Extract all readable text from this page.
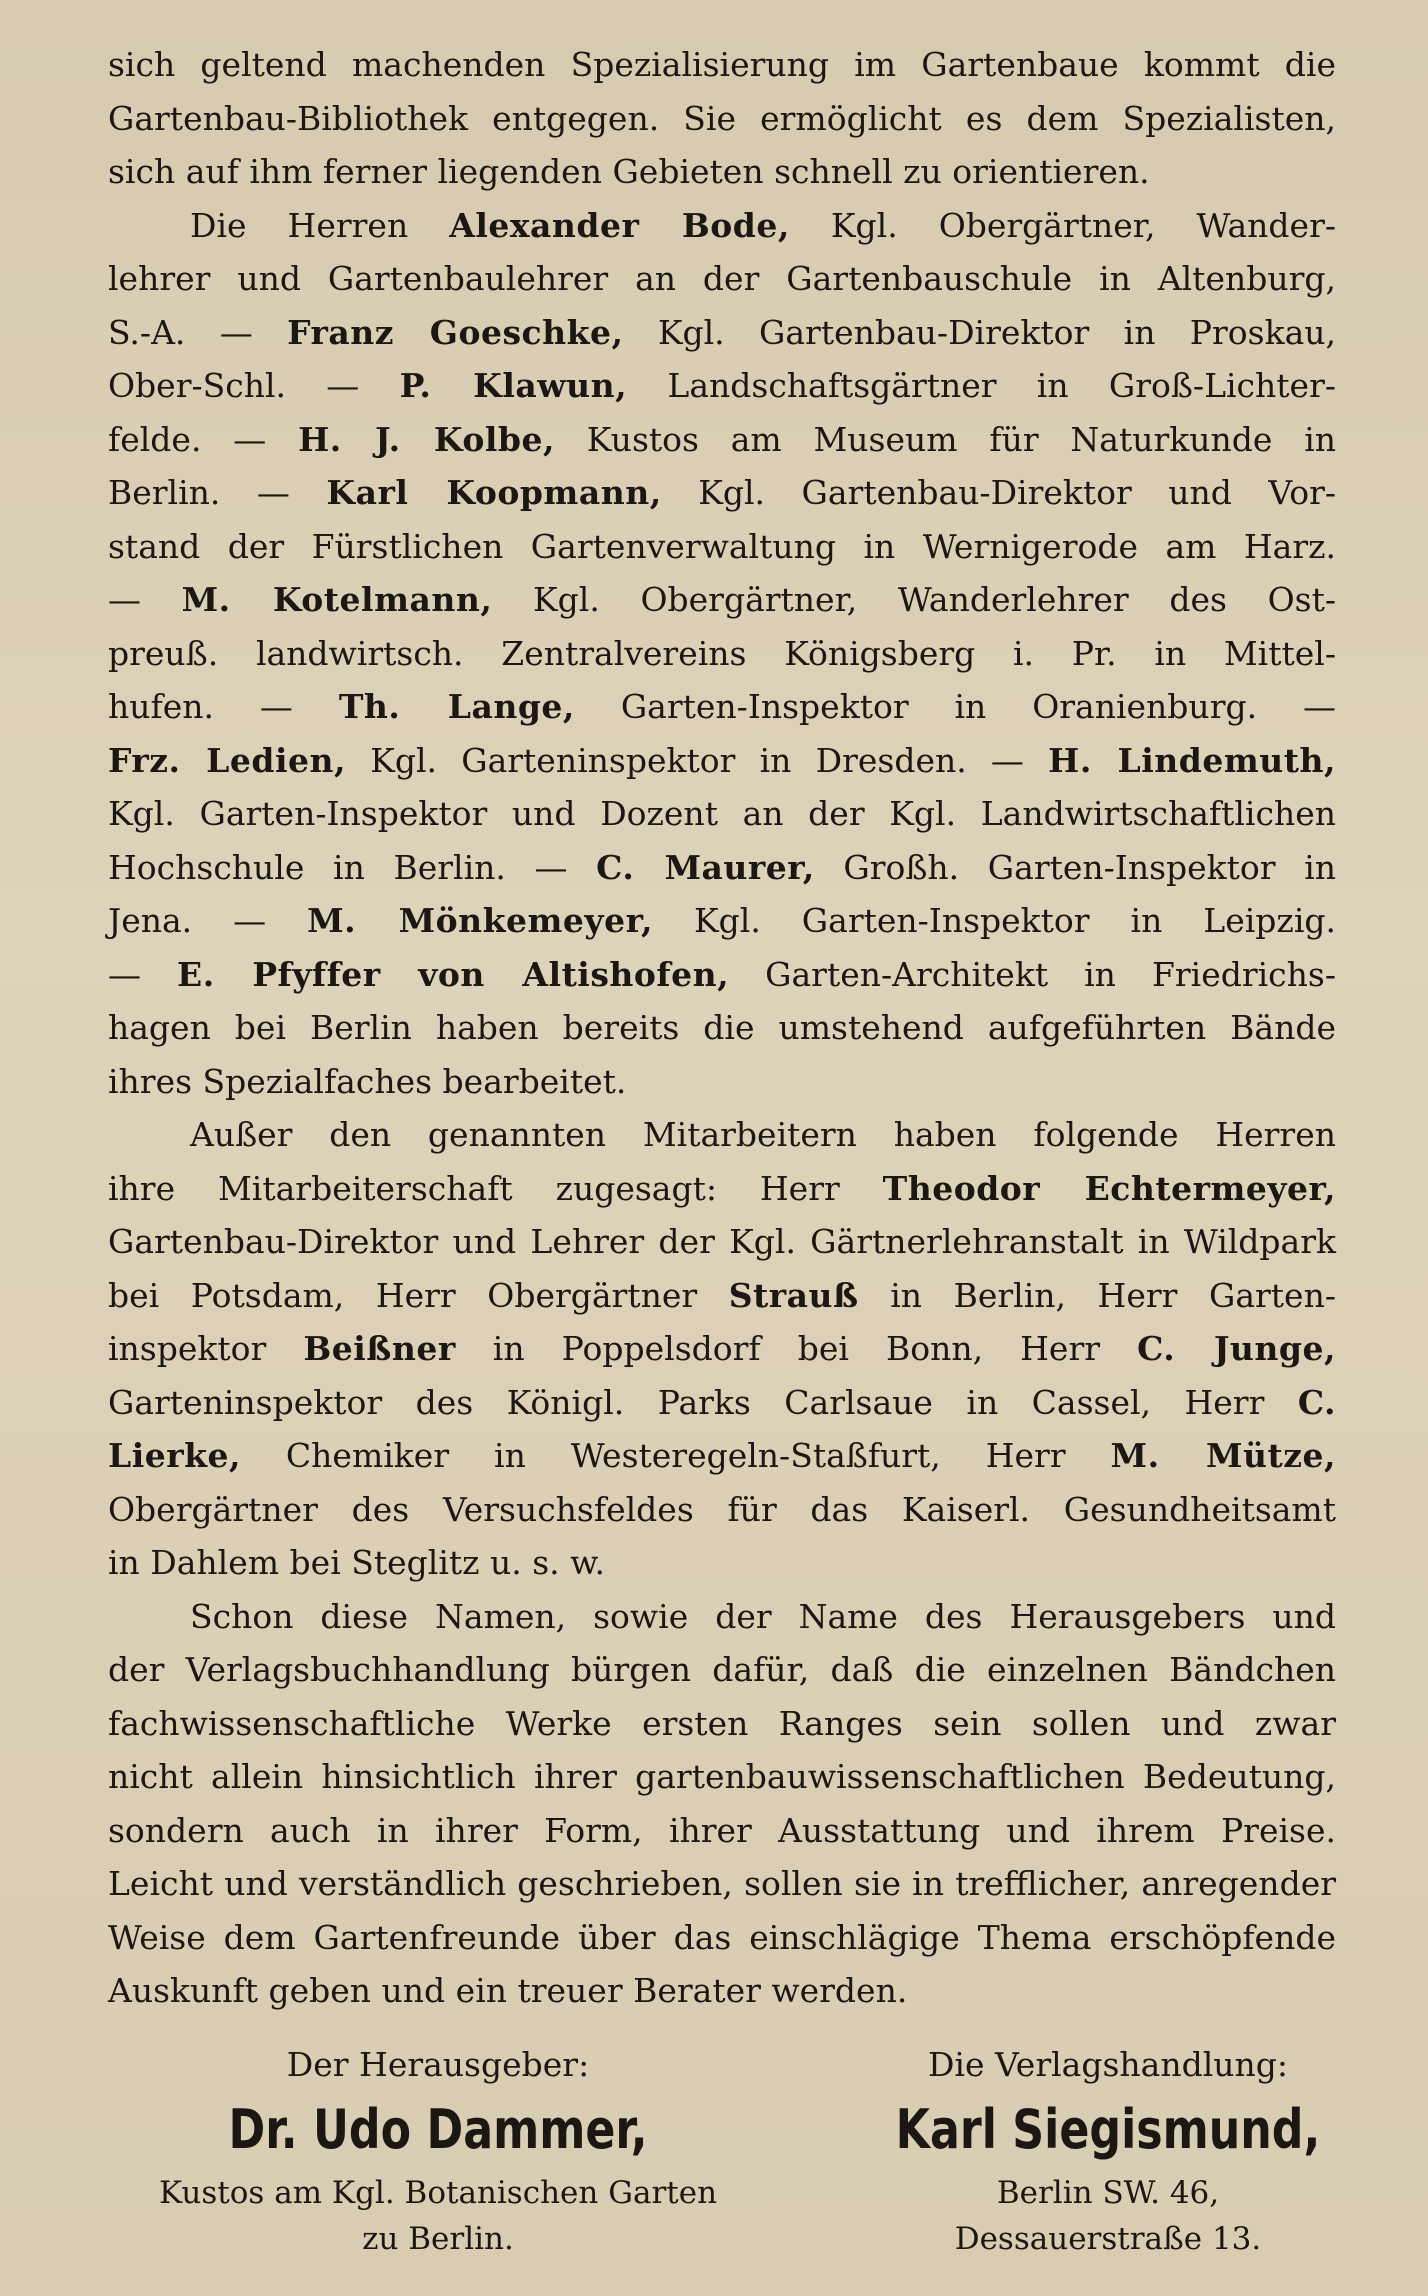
sich geltend machenden Spezialisierung im Gartenbaue kommt die
Gartenbau-Bibliothek entgegen. Sie ermöglicht es dem Spezialisten,
sich auf ihm ferner liegenden Gebieten schnell zu orientieren.
Die Herren Alexander Bode, Kgl. Obergärtner, Wander-
lehrer und Gartenbaulehrer an der Gartenbauschule in Altenburg,
S.-A. — Franz Goeschke, Kgl. Gartenbau-Direktor in Proskau,
Ober-Schl. — P. Klawun, Landschaftsgärtner in Groß-Lichter-
felde. — H. J. Kolbe, Kustos am Museum für Naturkunde in
Berlin. — Karl Koopmann, Kgl. Gartenbau-Direktor und Vor-
stand der Fürstlichen Gartenverwaltung in Wernigerode am Harz.
— M. Kotelmann, Kgl. Obergärtner, Wanderlehrer des Ost-
preuß. landwirtsch. Zentralvereins Königsberg i. Pr. in Mittel-
hufen. — Th. Lange, Garten-Inspektor in Oranienburg. —
Frz. Ledien, Kgl. Garteninspektor in Dresden. — H. Lindemuth,
Kgl. Garten-Inspektor und Dozent an der Kgl. Landwirtschaftlichen
Hochschule in Berlin. — C. Maurer, Großh. Garten-Inspektor in
Jena. — M. Mönkemeyer, Kgl. Garten-Inspektor in Leipzig.
— E. Pfyffer von Altishofen, Garten-Architekt in Friedrichs-
hagen bei Berlin haben bereits die umstehend aufgeführten Bände
ihres Spezialfaches bearbeitet.
Außer den genannten Mitarbeitern haben folgende Herren
ihre Mitarbeiterschaft zugesagt: Herr Theodor Echtermeyer,
Gartenbau-Direktor und Lehrer der Kgl. Gärtnerlehranstalt in Wildpark
bei Potsdam, Herr Obergärtner Strauß in Berlin, Herr Garten-
inspektor Beißner in Poppelsdorf bei Bonn, Herr C. Junge,
Garteninspektor des Königl. Parks Carlsaue in Cassel, Herr C.
Lierke, Chemiker in Westeregeln-Staßfurt, Herr M. Mütze,
Obergärtner des Versuchsfeldes für das Kaiserl. Gesundheitsamt
in Dahlem bei Steglitz u. s. w.
Schon diese Namen, sowie der Name des Herausgebers und
der Verlagsbuchhandlung bürgen dafür, daß die einzelnen Bändchen
fachwissenschaftliche Werke ersten Ranges sein sollen und zwar
nicht allein hinsichtlich ihrer gartenbauwissenschaftlichen Bedeutung,
sondern auch in ihrer Form, ihrer Ausstattung und ihrem Preise.
Leicht und verständlich geschrieben, sollen sie in trefflicher, anregender
Weise dem Gartenfreunde über das einschlägige Thema erschöpfende
Auskunft geben und ein treuer Berater werden.
Der Herausgeber:
Dr. Udo Dammer,
Kustos am Kgl. Botanischen Garten
zu Berlin.
Die Verlagshandlung:
Karl Siegismund,
Berlin SW. 46,
Dessauerstraße 13.
